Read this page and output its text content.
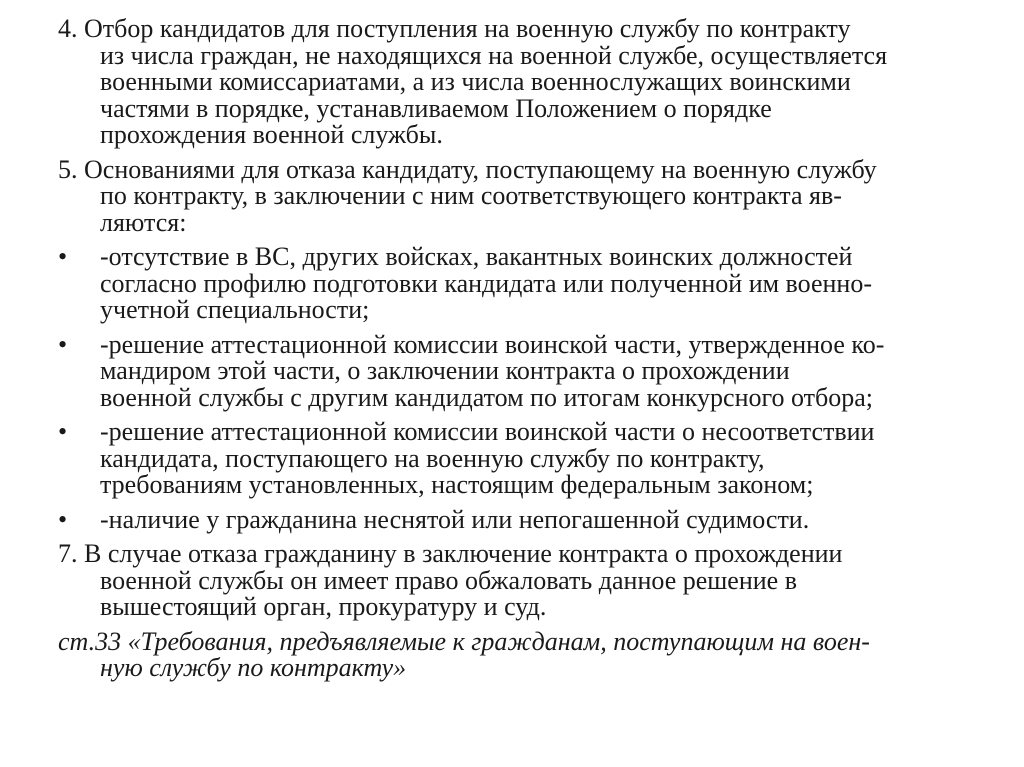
4. Отбор кандидатов для поступления на военную службу по контракту
из числа граждан, не находящихся на военной службе, осуществляется
военными комиссариатами, а из числа военнослужащих воинскими
частями в порядке, устанавливаемом Положением о порядке
прохождения военной службы.
5. Основаниями для отказа кандидату, поступающему на военную службу
по контракту, в заключении с ним соответствующего контракта яв-
ляются:
•	-отсутствие в ВС, других войсках, вакантных воинских должностей
согласно профилю подготовки кандидата или полученной им военно-
учетной специальности;
•	-решение аттестационной комиссии воинской части, утвержденное ко-
мандиром этой части, о заключении контракта о прохождении
военной службы с другим кандидатом по итогам конкурсного отбора;
•	-решение аттестационной комиссии воинской части о несоответствии
кандидата, поступающего на военную службу по контракту,
требованиям установленных, настоящим федеральным законом;
•	-наличие у гражданина неснятой или непогашенной судимости.
7. В случае отказа гражданину в заключение контракта о прохождении
военной службы он имеет право обжаловать данное решение в
вышестоящий орган, прокуратуру и суд.
ст.33 «Требования, предъявляемые к гражданам, поступающим на воен-
ную службу по контракту»
